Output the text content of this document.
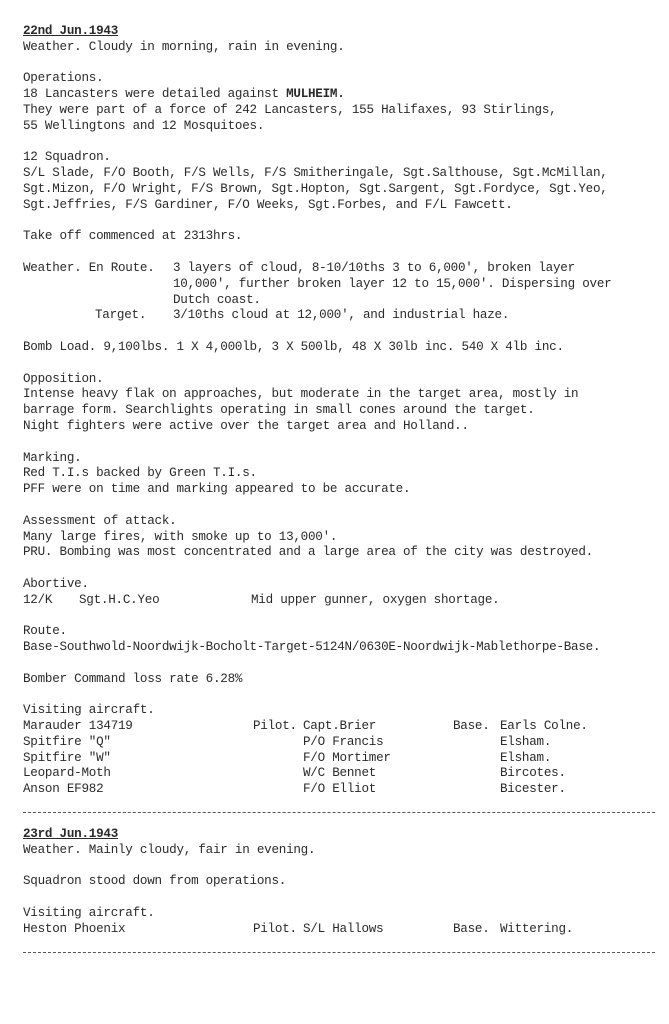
22nd Jun.1943
Weather. Cloudy in morning, rain in evening.
Operations.
18 Lancasters were detailed against MULHEIM.
They were part of a force of 242 Lancasters, 155 Halifaxes, 93 Stirlings,
55 Wellingtons and 12 Mosquitoes.
12 Squadron.
S/L Slade, F/O Booth, F/S Wells, F/S Smitheringale, Sgt.Salthouse, Sgt.McMillan,
Sgt.Mizon, F/O Wright, F/S Brown, Sgt.Hopton, Sgt.Sargent, Sgt.Fordyce, Sgt.Yeo,
Sgt.Jeffries, F/S Gardiner, F/O Weeks, Sgt.Forbes, and F/L Fawcett.
Take off commenced at 2313hrs.
Weather. En Route.	3 layers of cloud, 8-10/10ths 3 to 6,000', broken layer
10,000', further broken layer 12 to 15,000'. Dispersing over
Dutch coast.
Target.	3/10ths cloud at 12,000', and industrial haze.
Bomb Load. 9,100lbs. 1 X 4,000lb, 3 X 500lb, 48 X 30lb inc. 540 X 4lb inc.
Opposition.
Intense heavy flak on approaches, but moderate in the target area, mostly in
barrage form. Searchlights operating in small cones around the target.
Night fighters were active over the target area and Holland..
Marking.
Red T.I.s backed by Green T.I.s.
PFF were on time and marking appeared to be accurate.
Assessment of attack.
Many large fires, with smoke up to 13,000'.
PRU. Bombing was most concentrated and a large area of the city was destroyed.
Abortive.
12/K	Sgt.H.C.Yeo	Mid upper gunner, oxygen shortage.
Route.
Base-Southwold-Noordwijk-Bocholt-Target-5124N/0630E-Noordwijk-Mablethorpe-Base.
Bomber Command loss rate 6.28%
Visiting aircraft.
Marauder 134719	Pilot. Capt.Brier	Base. Earls Colne.
Spitfire "Q"	P/O Francis	Elsham.
Spitfire "W"	F/O Mortimer	Elsham.
Leopard-Moth	W/C Bennet	Bircotes.
Anson EF982	F/O Elliot	Bicester.
23rd Jun.1943
Weather. Mainly cloudy, fair in evening.
Squadron stood down from operations.
Visiting aircraft.
Heston Phoenix	Pilot. S/L Hallows	Base. Wittering.
